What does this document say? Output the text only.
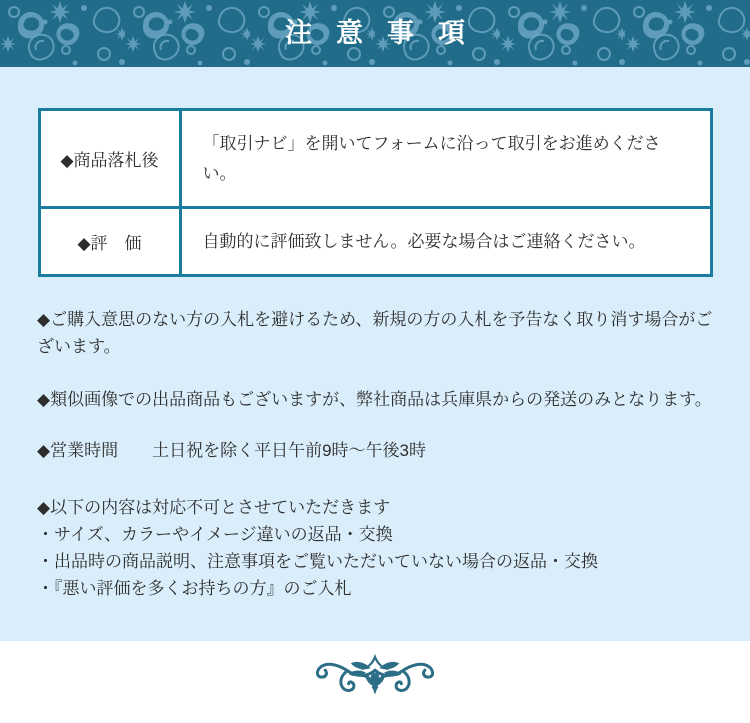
注 意 事 項
◆商品落札後	「取引ナビ」を開いてフォームに沿って取引をお進めください。
◆評　価	自動的に評価致しません。必要な場合はご連絡ください。

◆ご購入意思のない方の入札を避けるため、新規の方の入札を予告なく取り消す場合がございます。

◆類似画像での出品商品もございますが、弊社商品は兵庫県からの発送のみとなります。

◆営業時間　　土日祝を除く平日午前9時～午後3時

◆以下の内容は対応不可とさせていただきます

・サイズ、カラーやイメージ違いの返品・交換

・出品時の商品説明、注意事項をご覧いただいていない場合の返品・交換

・『悪い評価を多くお持ちの方』のご入札
